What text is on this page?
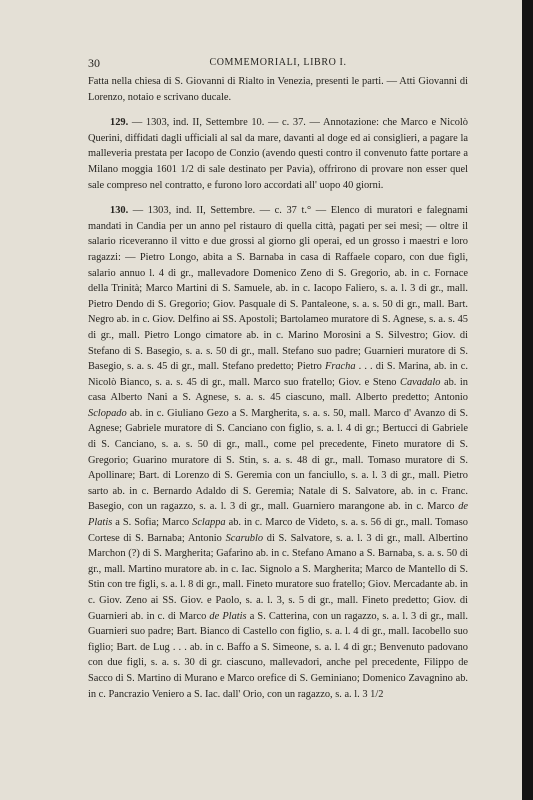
30	COMMEMORIALI, LIBRO I.

Fatta nella chiesa di S. Giovanni di Rialto in Venezia, presenti le parti. — Atti Giovanni di Lorenzo, notaio e scrivano ducale.

129. — 1303, ind. II, Settembre 10. — c. 37. — Annotazione: che Marco e Nicolò Querini, diffidati dagli ufficiali al sal da mare, davanti al doge ed ai consiglieri, a pagare la malleveria prestata per Iacopo de Conzio (avendo questi contro il convenuto fatte portare a Milano moggia 1601 1/2 di sale destinato per Pavia), offrirono di provare non esser quel sale compreso nel contratto, e furono loro accordati all' uopo 40 giorni.

130. — 1303, ind. II, Settembre. — c. 37 t.° — Elenco di muratori e falegnami mandati in Candia per un anno pel ristauro di quella città, pagati per sei mesi; — oltre il salario riceveranno il vitto e due grossi al giorno gli operai, ed un grosso i maestri e loro ragazzi: — Pietro Longo, abita a S. Barnaba in casa di Raffaele coparo, con due figli, salario annuo l. 4 di gr., mallevadore Domenico Zeno di S. Gregorio, ab. in c. Fornace della Trinità; Marco Martini di S. Samuele, ab. in c. Iacopo Faliero, s. a. l. 3 di gr., mall. Pietro Dendo di S. Gregorio; Giov. Pasquale di S. Pantaleone, s. a. s. 50 di gr., mall. Bart. Negro ab. in c. Giov. Delfino ai SS. Apostoli; Bartolameo muratore di S. Agnese, s. a. s. 45 di gr., mall. Pietro Longo cimatore ab. in c. Marino Morosini a S. Silvestro; Giov. di Stefano di S. Basegio, s. a. s. 50 di gr., mall. Stefano suo padre; Guarnieri muratore di S. Basegio, s. a. s. 45 di gr., mall. Stefano predetto; Pietro Fracha . . . di S. Marina, ab. in c. Nicolò Bianco, s. a. s. 45 di gr., mall. Marco suo fratello; Giov. e Steno Cavadalo ab. in casa Alberto Nani a S. Agnese, s. a. s. 45 ciascuno, mall. Alberto predetto; Antonio Sclopado ab. in c. Giuliano Gezo a S. Margherita, s. a. s. 50, mall. Marco d' Avanzo di S. Agnese; Gabriele muratore di S. Canciano con figlio, s. a. l. 4 di gr.; Bertucci di Gabriele di S. Canciano, s. a. s. 50 di gr., mall., come pel precedente, Fineto muratore di S. Gregorio; Guarino muratore di S. Stin, s. a. s. 48 di gr., mall. Tomaso muratore di S. Apollinare; Bart. di Lorenzo di S. Geremia con un fanciullo, s. a. l. 3 di gr., mall. Pietro sarto ab. in c. Bernardo Adaldo di S. Geremia; Natale di S. Salvatore, ab. in c. Franc. Basegio, con un ragazzo, s. a. l. 3 di gr., mall. Guarniero marangone ab. in c. Marco de Platis a S. Sofia; Marco Sclappa ab. in c. Marco de Videto, s. a. s. 56 di gr., mall. Tomaso Cortese di S. Barnaba; Antonio Scarublo di S. Salvatore, s. a. l. 3 di gr., mall. Albertino Marchon (?) di S. Margherita; Gafarino ab. in c. Stefano Amano a S. Barnaba, s. a. s. 50 di gr., mall. Martino muratore ab. in c. Iac. Signolo a S. Margherita; Marco de Mantello di S. Stin con tre figli, s. a. l. 8 di gr., mall. Fineto muratore suo fratello; Giov. Mercadante ab. in c. Giov. Zeno ai SS. Giov. e Paolo, s. a. l. 3, s. 5 di gr., mall. Fineto predetto; Giov. di Guarnieri ab. in c. di Marco de Platis a S. Catterina, con un ragazzo, s. a. l. 3 di gr., mall. Guarnieri suo padre; Bart. Bianco di Castello con figlio, s. a. l. 4 di gr., mall. Iacobello suo figlio; Bart. de Lug . . . ab. in c. Baffo a S. Simeone, s. a. l. 4 di gr.; Benvenuto padovano con due figli, s. a. s. 30 di gr. ciascuno, mallevadori, anche pel precedente, Filippo de Sacco di S. Martino di Murano e Marco orefice di S. Geminiano; Domenico Zavagnino ab. in c. Pancrazio Veniero a S. Iac. dall' Orio, con un ragazzo, s. a. l. 3 1/2
